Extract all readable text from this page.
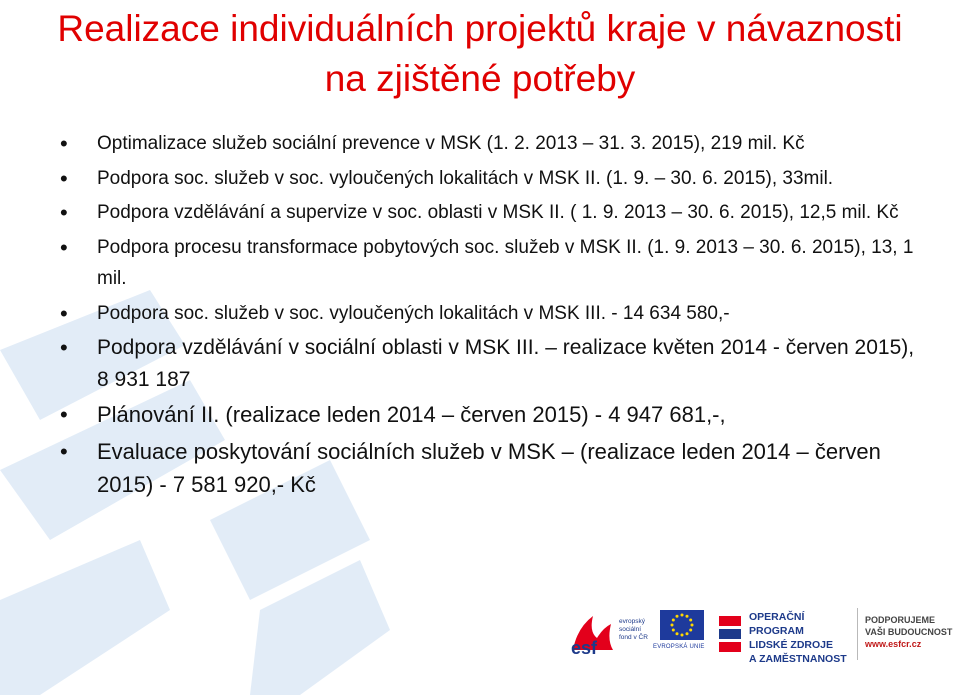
Realizace individuálních projektů kraje v návaznosti na zjištěné potřeby
• Optimalizace služeb sociální prevence v MSK (1. 2. 2013 – 31. 3. 2015), 219 mil. Kč
• Podpora soc. služeb v soc. vyloučených lokalitách v MSK II. (1. 9. – 30. 6. 2015), 33mil.
• Podpora vzdělávání a supervize v soc. oblasti v MSK II. ( 1. 9. 2013 – 30. 6. 2015), 12,5 mil. Kč
• Podpora procesu transformace pobytových soc. služeb v MSK II. (1. 9. 2013 – 30. 6. 2015), 13, 1 mil.
• Podpora soc. služeb v soc. vyloučených lokalitách v MSK III. - 14 634 580,-
• Podpora vzdělávání v sociální oblasti v MSK III. – realizace květen 2014 - červen 2015), 8 931 187
• Plánování II. (realizace leden 2014 – červen 2015) - 4 947 681,-,
• Evaluace poskytování sociálních služeb v MSK – (realizace leden 2014 – červen 2015) - 7 581 920,- Kč
esf
evropský
sociální
fond v ČR
EVROPSKÁ UNIE
OPERAČNÍ PROGRAM
LIDSKÉ ZDROJE
A ZAMĚSTNANOST
PODPORUJEME
VAŠI BUDOUCNOST
www.esfcr.cz
